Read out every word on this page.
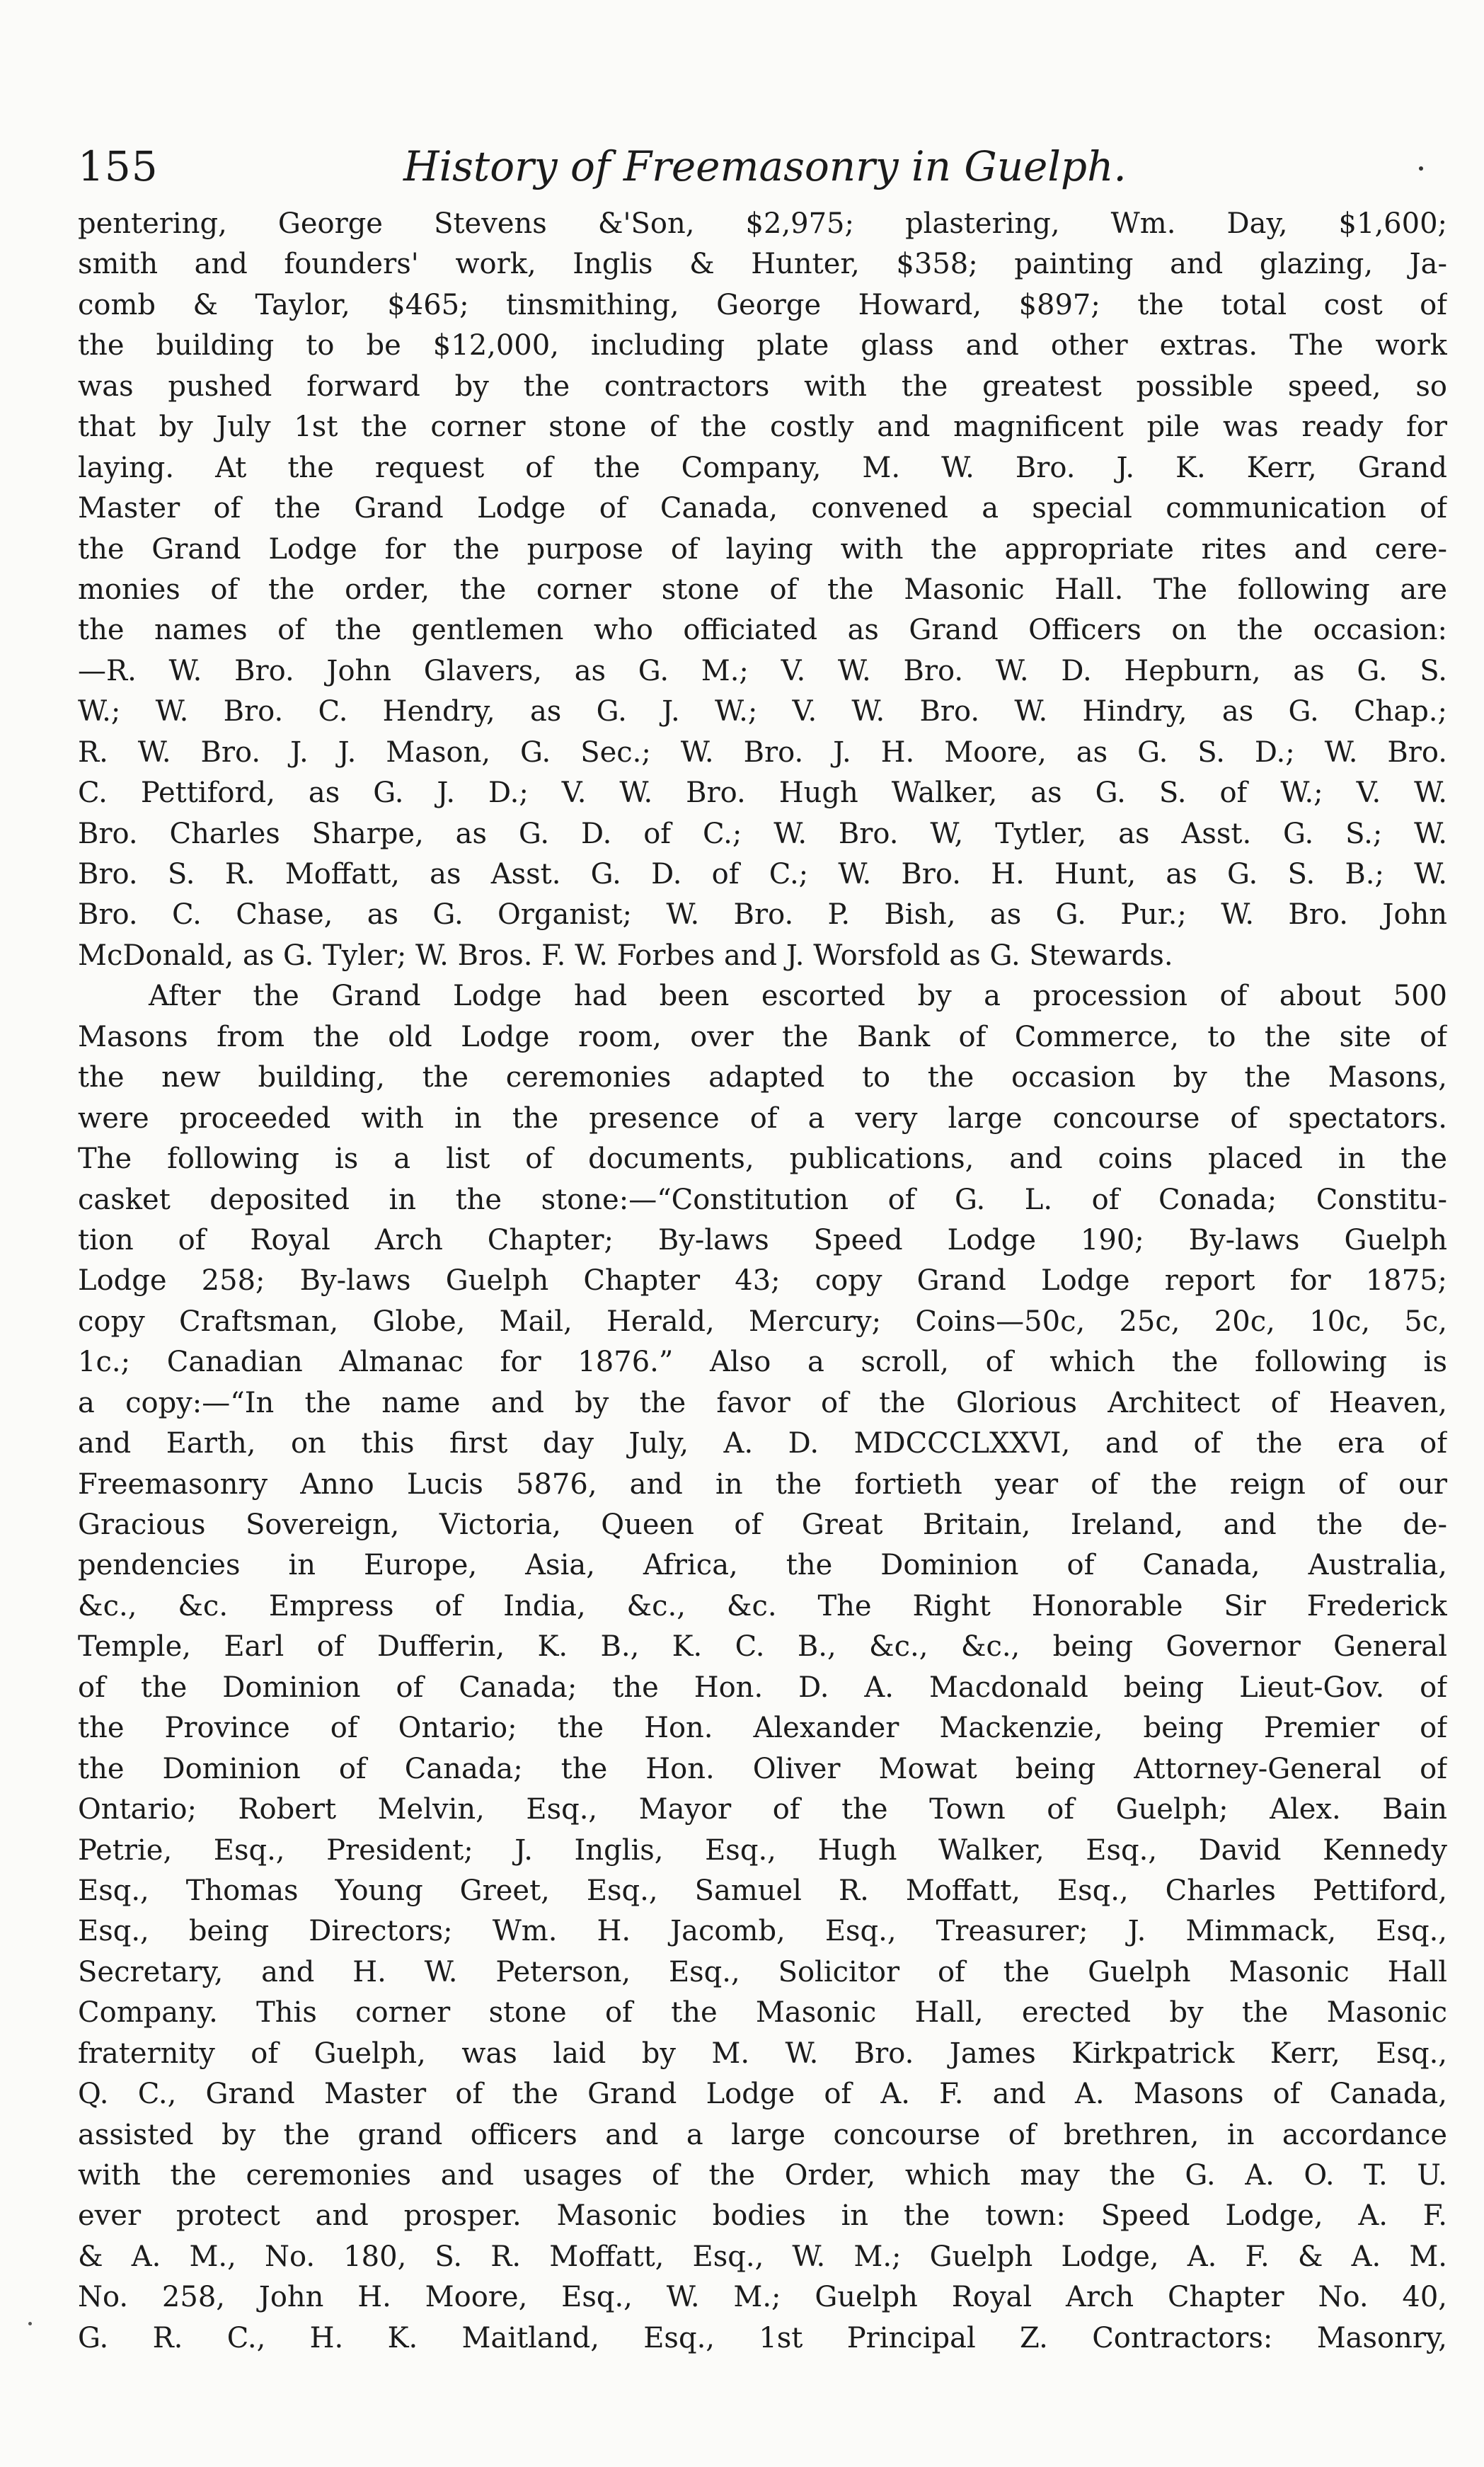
155	History of Freemasonry in Guelph.
pentering, George Stevens &'Son, $2,975; plastering, Wm. Day, $1,600;
smith and founders' work, Inglis & Hunter, $358; painting and glazing, Ja-
comb & Taylor, $465; tinsmithing, George Howard, $897; the total cost of
the building to be $12,000, including plate glass and other extras. The work
was pushed forward by the contractors with the greatest possible speed, so
that by July 1st the corner stone of the costly and magnificent pile was ready for
laying. At the request of the Company, M. W. Bro. J. K. Kerr, Grand
Master of the Grand Lodge of Canada, convened a special communication of
the Grand Lodge for the purpose of laying with the appropriate rites and cere-
monies of the order, the corner stone of the Masonic Hall. The following are
the names of the gentlemen who officiated as Grand Officers on the occasion:
—R. W. Bro. John Glavers, as G. M.; V. W. Bro. W. D. Hepburn, as G. S.
W.; W. Bro. C. Hendry, as G. J. W.; V. W. Bro. W. Hindry, as G. Chap.;
R. W. Bro. J. J. Mason, G. Sec.; W. Bro. J. H. Moore, as G. S. D.; W. Bro.
C. Pettiford, as G. J. D.; V. W. Bro. Hugh Walker, as G. S. of W.; V. W.
Bro. Charles Sharpe, as G. D. of C.; W. Bro. W, Tytler, as Asst. G. S.; W.
Bro. S. R. Moffatt, as Asst. G. D. of C.; W. Bro. H. Hunt, as G. S. B.; W.
Bro. C. Chase, as G. Organist; W. Bro. P. Bish, as G. Pur.; W. Bro. John
McDonald, as G. Tyler; W. Bros. F. W. Forbes and J. Worsfold as G. Stewards.
After the Grand Lodge had been escorted by a procession of about 500
Masons from the old Lodge room, over the Bank of Commerce, to the site of
the new building, the ceremonies adapted to the occasion by the Masons,
were proceeded with in the presence of a very large concourse of spectators.
The following is a list of documents, publications, and coins placed in the
casket deposited in the stone:—“Constitution of G. L. of Conada; Constitu-
tion of Royal Arch Chapter; By-laws Speed Lodge 190; By-laws Guelph
Lodge 258; By-laws Guelph Chapter 43; copy Grand Lodge report for 1875;
copy Craftsman, Globe, Mail, Herald, Mercury; Coins—50c, 25c, 20c, 10c, 5c,
1c.; Canadian Almanac for 1876.” Also a scroll, of which the following is
a copy:—“In the name and by the favor of the Glorious Architect of Heaven,
and Earth, on this first day July, A. D. MDCCCLXXVI, and of the era of
Freemasonry Anno Lucis 5876, and in the fortieth year of the reign of our
Gracious Sovereign, Victoria, Queen of Great Britain, Ireland, and the de-
pendencies in Europe, Asia, Africa, the Dominion of Canada, Australia,
&c., &c. Empress of India, &c., &c. The Right Honorable Sir Frederick
Temple, Earl of Dufferin, K. B., K. C. B., &c., &c., being Governor General
of the Dominion of Canada; the Hon. D. A. Macdonald being Lieut-Gov. of
the Province of Ontario; the Hon. Alexander Mackenzie, being Premier of
the Dominion of Canada; the Hon. Oliver Mowat being Attorney-General of
Ontario; Robert Melvin, Esq., Mayor of the Town of Guelph; Alex. Bain
Petrie, Esq., President; J. Inglis, Esq., Hugh Walker, Esq., David Kennedy
Esq., Thomas Young Greet, Esq., Samuel R. Moffatt, Esq., Charles Pettiford,
Esq., being Directors; Wm. H. Jacomb, Esq., Treasurer; J. Mimmack, Esq.,
Secretary, and H. W. Peterson, Esq., Solicitor of the Guelph Masonic Hall
Company. This corner stone of the Masonic Hall, erected by the Masonic
fraternity of Guelph, was laid by M. W. Bro. James Kirkpatrick Kerr, Esq.,
Q. C., Grand Master of the Grand Lodge of A. F. and A. Masons of Canada,
assisted by the grand officers and a large concourse of brethren, in accordance
with the ceremonies and usages of the Order, which may the G. A. O. T. U.
ever protect and prosper. Masonic bodies in the town: Speed Lodge, A. F.
& A. M., No. 180, S. R. Moffatt, Esq., W. M.; Guelph Lodge, A. F. & A. M.
No. 258, John H. Moore, Esq., W. M.; Guelph Royal Arch Chapter No. 40,
G. R. C., H. K. Maitland, Esq., 1st Principal Z. Contractors: Masonry,
